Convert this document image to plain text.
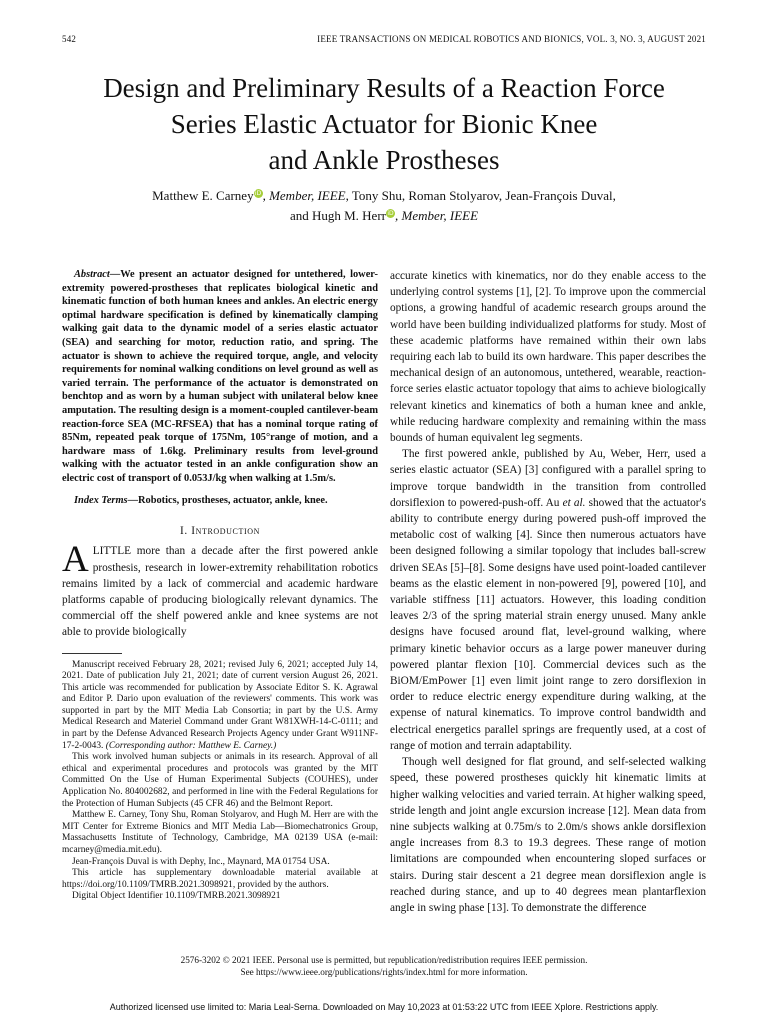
542	IEEE TRANSACTIONS ON MEDICAL ROBOTICS AND BIONICS, VOL. 3, NO. 3, AUGUST 2021
Design and Preliminary Results of a Reaction Force
Series Elastic Actuator for Bionic Knee
and Ankle Prostheses
Matthew E. CarneyiD, Member, IEEE, Tony Shu, Roman Stolyarov, Jean-François Duval,
and Hugh M. HerriD, Member, IEEE

Abstract—We present an actuator designed for untethered, lower-extremity powered-prostheses that replicates biological kinetic and kinematic function of both human knees and ankles. An electric energy optimal hardware specification is defined by kinematically clamping walking gait data to the dynamic model of a series elastic actuator (SEA) and searching for motor, reduction ratio, and spring. The actuator is shown to achieve the required torque, angle, and velocity requirements for nominal walking conditions on level ground as well as varied terrain. The performance of the actuator is demonstrated on benchtop and as worn by a human subject with unilateral below knee amputation. The resulting design is a moment-coupled cantilever-beam reaction-force SEA (MC-RFSEA) that has a nominal torque rating of 85Nm, repeated peak torque of 175Nm, 105°range of motion, and a hardware mass of 1.6kg. Preliminary results from level-ground walking with the actuator tested in an ankle configuration show an electric cost of transport of 0.053J/kg when walking at 1.5m/s.

Index Terms—Robotics, prostheses, actuator, ankle, knee.

I. Introduction

ALITTLE more than a decade after the first powered ankle prosthesis, research in lower-extremity rehabilitation robotics remains limited by a lack of commercial and academic hardware platforms capable of producing biologically relevant dynamics. The commercial off the shelf powered ankle and knee systems are not able to provide biologically

Manuscript received February 28, 2021; revised July 6, 2021; accepted July 14, 2021. Date of publication July 21, 2021; date of current version August 26, 2021. This article was recommended for publication by Associate Editor S. K. Agrawal and Editor P. Dario upon evaluation of the reviewers' comments. This work was supported in part by the MIT Media Lab Consortia; in part by the U.S. Army Medical Research and Materiel Command under Grant W81XWH-14-C-0111; and in part by the Defense Advanced Research Projects Agency under Grant W911NF-17-2-0043. (Corresponding author: Matthew E. Carney.)

This work involved human subjects or animals in its research. Approval of all ethical and experimental procedures and protocols was granted by the MIT Committed On the Use of Human Experimental Subjects (COUHES), under Application No. 804002682, and performed in line with the Federal Regulations for the Protection of Human Subjects (45 CFR 46) and the Belmont Report.

Matthew E. Carney, Tony Shu, Roman Stolyarov, and Hugh M. Herr are with the MIT Center for Extreme Bionics and MIT Media Lab—Biomechatronics Group, Massachusetts Institute of Technology, Cambridge, MA 02139 USA (e-mail: mcarney@media.mit.edu).

Jean-François Duval is with Dephy, Inc., Maynard, MA 01754 USA.

This article has supplementary downloadable material available at https://doi.org/10.1109/TMRB.2021.3098921, provided by the authors.

Digital Object Identifier 10.1109/TMRB.2021.3098921

accurate kinetics with kinematics, nor do they enable access to the underlying control systems [1], [2]. To improve upon the commercial options, a growing handful of academic research groups around the world have been building individualized platforms for study. Most of these academic platforms have remained within their own labs requiring each lab to build its own hardware. This paper describes the mechanical design of an autonomous, untethered, wearable, reaction-force series elastic actuator topology that aims to achieve biologically relevant kinetics and kinematics of both a human knee and ankle, while reducing hardware complexity and remaining within the mass bounds of human equivalent leg segments.

The first powered ankle, published by Au, Weber, Herr, used a series elastic actuator (SEA) [3] configured with a parallel spring to improve torque bandwidth in the transition from controlled dorsiflexion to powered-push-off. Au et al. showed that the actuator's ability to contribute energy during powered push-off improved the metabolic cost of walking [4]. Since then numerous actuators have been designed following a similar topology that includes ball-screw driven SEAs [5]–[8]. Some designs have used point-loaded cantilever beams as the elastic element in non-powered [9], powered [10], and variable stiffness [11] actuators. However, this loading condition leaves 2/3 of the spring material strain energy unused. Many ankle designs have focused around flat, level-ground walking, where primary kinetic behavior occurs as a large power maneuver during powered plantar flexion [10]. Commercial devices such as the BiOM/EmPower [1] even limit joint range to zero dorsiflexion in order to reduce electric energy expenditure during walking, at the expense of natural kinematics. To improve control bandwidth and electrical energetics parallel springs are frequently used, at a cost of range of motion and terrain adaptability.

Though well designed for flat ground, and self-selected walking speed, these powered prostheses quickly hit kinematic limits at higher walking velocities and varied terrain. At higher walking speed, stride length and joint angle excursion increase [12]. Mean data from nine subjects walking at 0.75m/s to 2.0m/s shows ankle dorsiflexion angle increases from 8.3 to 19.3 degrees. These range of motion limitations are compounded when encountering sloped surfaces or stairs. During stair descent a 21 degree mean dorsiflexion angle is reached during stance, and up to 40 degrees mean plantarflexion angle in swing phase [13]. To demonstrate the difference

2576-3202 © 2021 IEEE. Personal use is permitted, but republication/redistribution requires IEEE permission.
See https://www.ieee.org/publications/rights/index.html for more information.
Authorized licensed use limited to: Maria Leal-Serna. Downloaded on May 10,2023 at 01:53:22 UTC from IEEE Xplore. Restrictions apply.
